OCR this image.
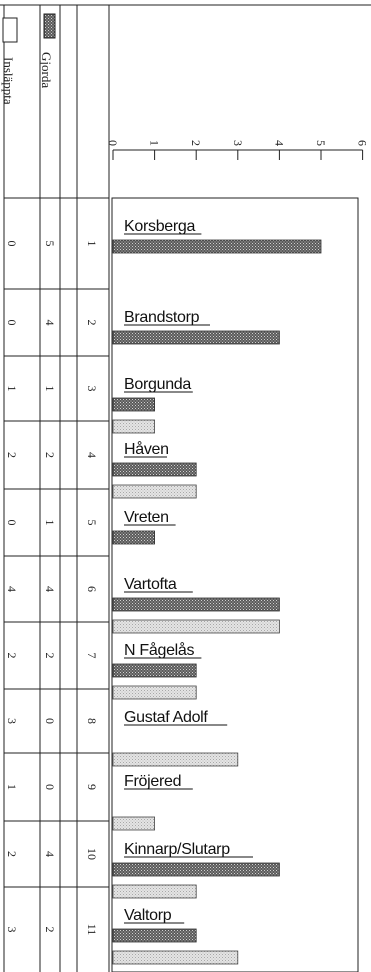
Insläppta Gjorda
0 1 2 3 4 5 6
0 5 1
0 4 2
1 1 3
2 2 4
0 1 5
4 4 6
2 2 7
3 0 8
1 0 9
2 4 10
3 2 11
Korsberga
Brandstorp
Borgunda
Håven
Vreten
Vartofta
N Fågelås
Gustaf Adolf
Fröjered
Kinnarp/Slutarp
Valtorp
